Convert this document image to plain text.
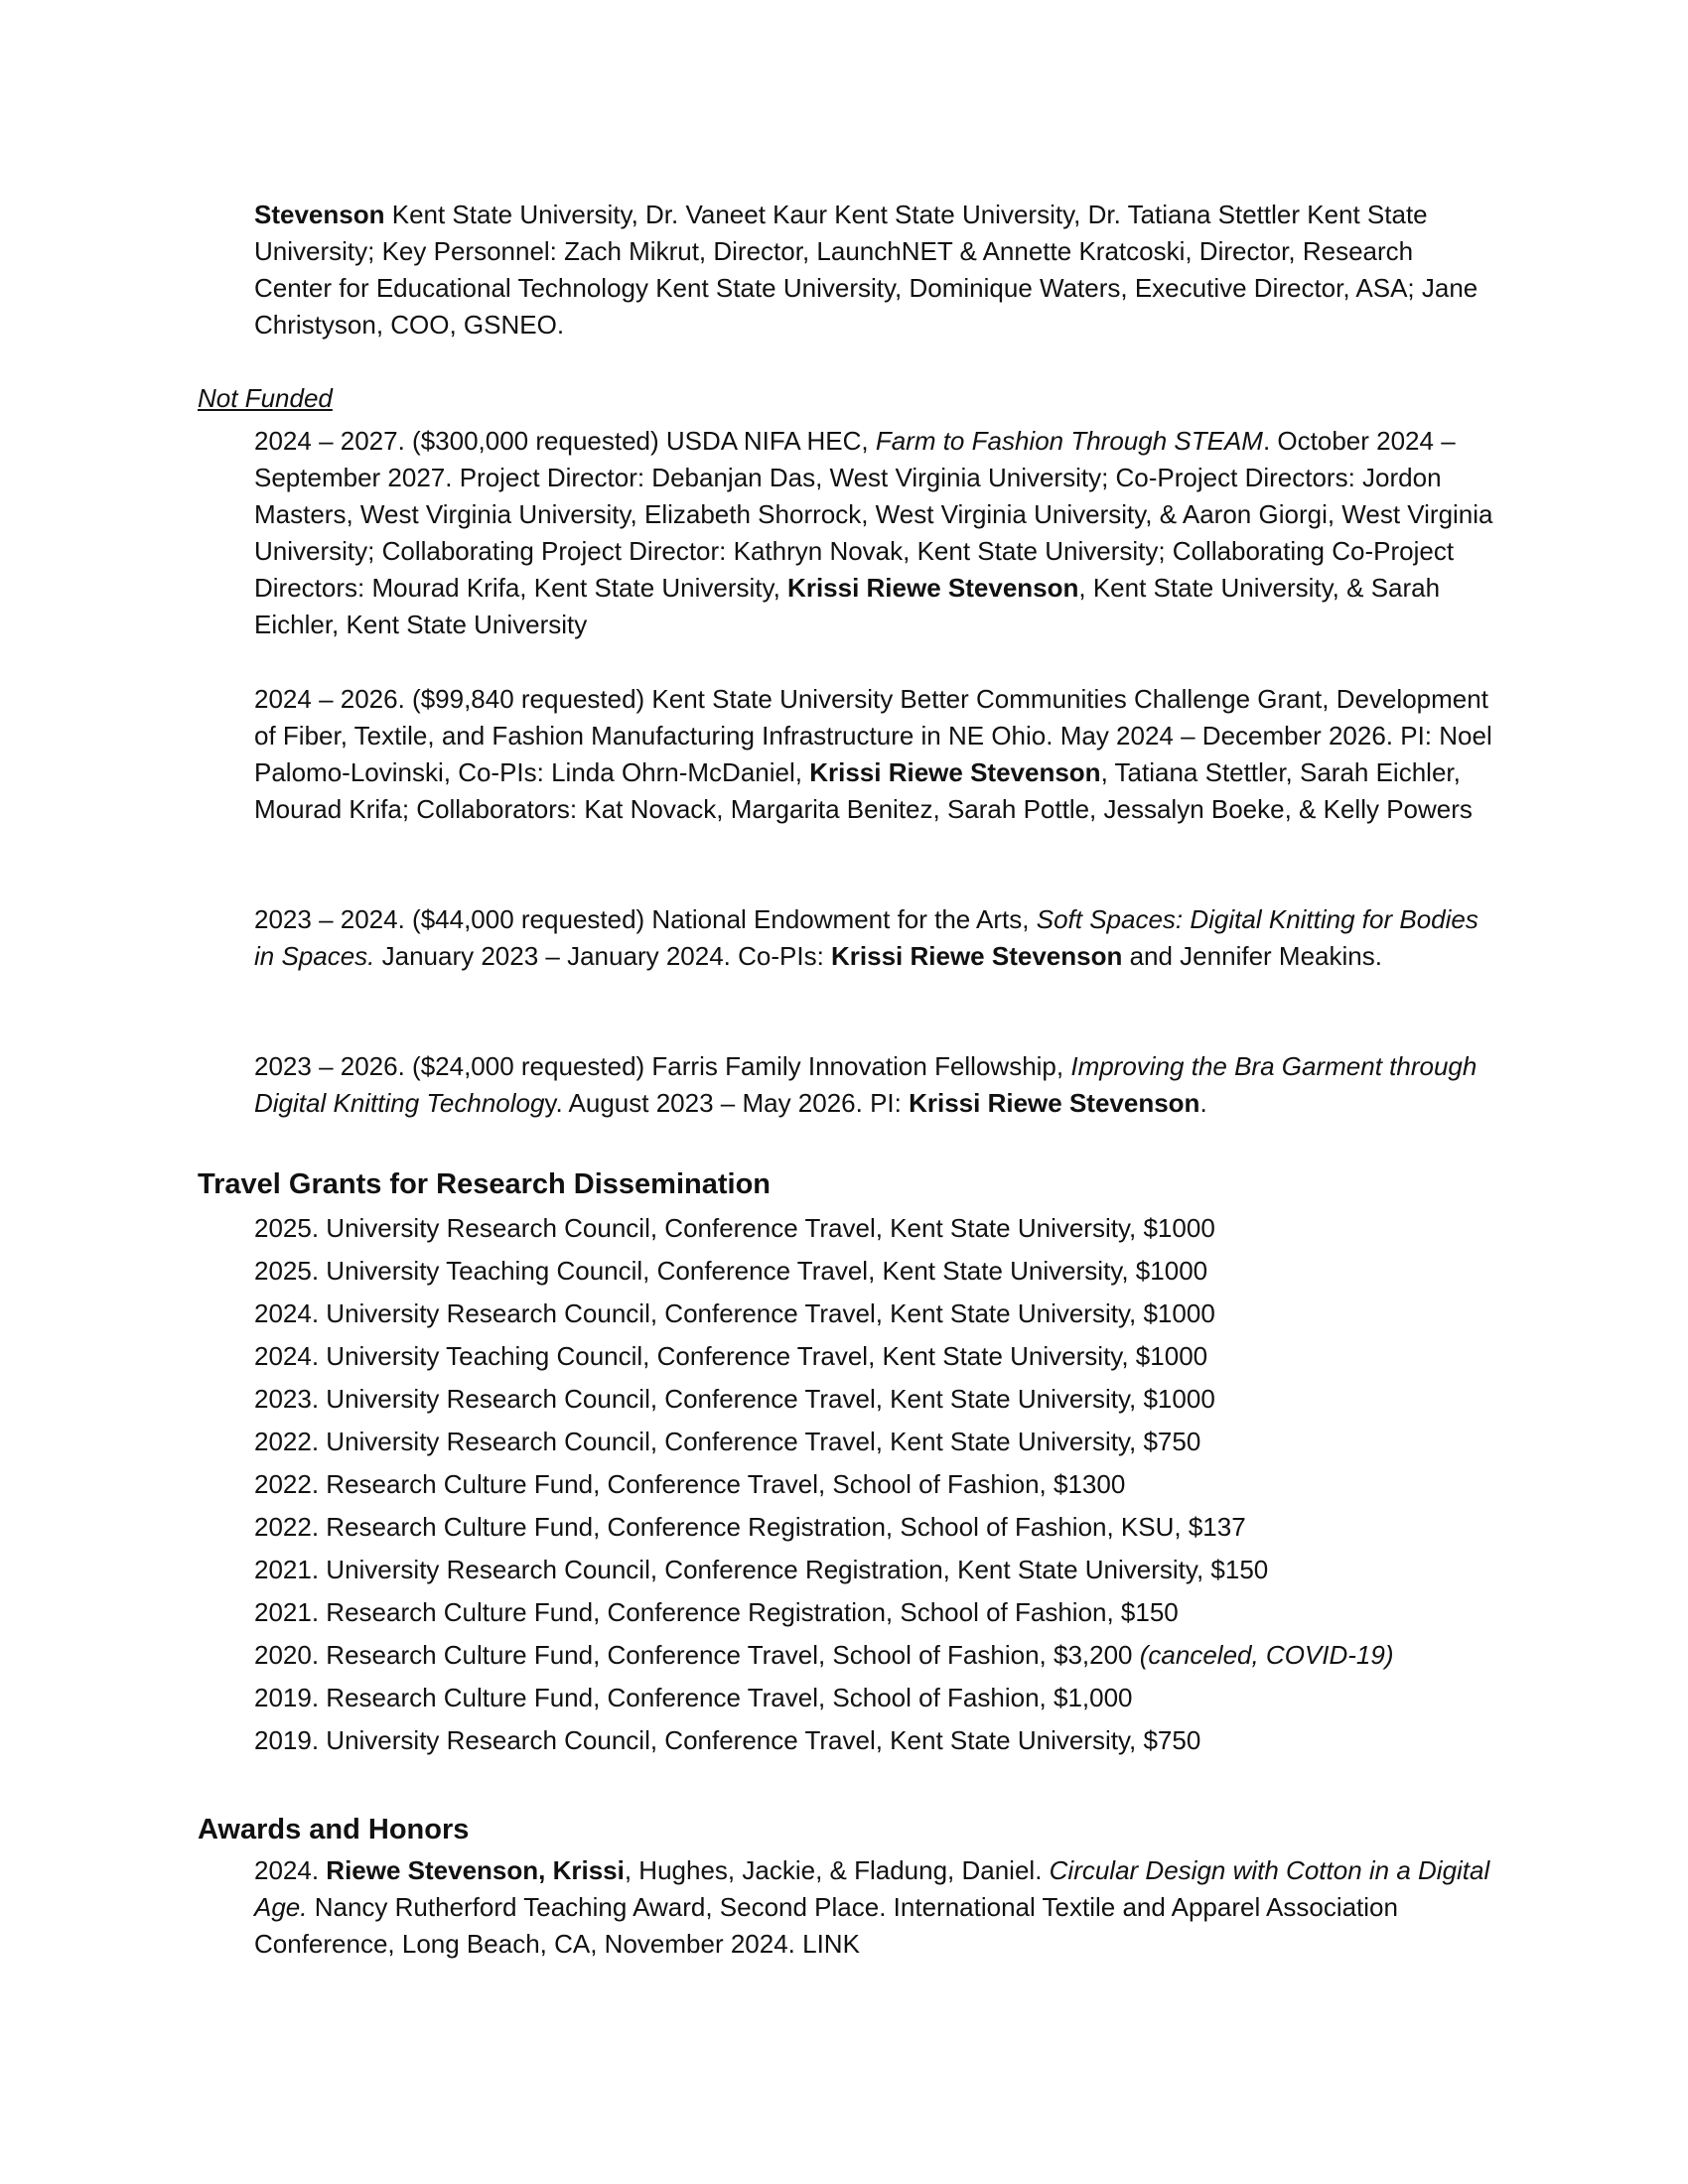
Stevenson Kent State University, Dr. Vaneet Kaur Kent State University, Dr. Tatiana Stettler Kent State University; Key Personnel: Zach Mikrut, Director, LaunchNET & Annette Kratcoski, Director, Research Center for Educational Technology Kent State University, Dominique Waters, Executive Director, ASA; Jane Christyson, COO, GSNEO.

Not Funded

2024 – 2027. ($300,000 requested) USDA NIFA HEC, Farm to Fashion Through STEAM. October 2024 – September 2027. Project Director: Debanjan Das, West Virginia University; Co-Project Directors: Jordon Masters, West Virginia University, Elizabeth Shorrock, West Virginia University, & Aaron Giorgi, West Virginia University; Collaborating Project Director: Kathryn Novak, Kent State University; Collaborating Co-Project Directors: Mourad Krifa, Kent State University, Krissi Riewe Stevenson, Kent State University, & Sarah Eichler, Kent State University

2024 – 2026. ($99,840 requested) Kent State University Better Communities Challenge Grant, Development of Fiber, Textile, and Fashion Manufacturing Infrastructure in NE Ohio. May 2024 – December 2026. PI: Noel Palomo-Lovinski, Co-PIs: Linda Ohrn-McDaniel, Krissi Riewe Stevenson, Tatiana Stettler, Sarah Eichler, Mourad Krifa; Collaborators: Kat Novack, Margarita Benitez, Sarah Pottle, Jessalyn Boeke, & Kelly Powers

2023 – 2024. ($44,000 requested) National Endowment for the Arts, Soft Spaces: Digital Knitting for Bodies in Spaces. January 2023 – January 2024. Co-PIs: Krissi Riewe Stevenson and Jennifer Meakins.

2023 – 2026. ($24,000 requested) Farris Family Innovation Fellowship, Improving the Bra Garment through Digital Knitting Technology. August 2023 – May 2026. PI: Krissi Riewe Stevenson.

Travel Grants for Research Dissemination
2025. University Research Council, Conference Travel, Kent State University, $1000
2025. University Teaching Council, Conference Travel, Kent State University, $1000
2024. University Research Council, Conference Travel, Kent State University, $1000
2024. University Teaching Council, Conference Travel, Kent State University, $1000
2023. University Research Council, Conference Travel, Kent State University, $1000
2022. University Research Council, Conference Travel, Kent State University, $750
2022. Research Culture Fund, Conference Travel, School of Fashion, $1300
2022. Research Culture Fund, Conference Registration, School of Fashion, KSU, $137
2021. University Research Council, Conference Registration, Kent State University, $150
2021. Research Culture Fund, Conference Registration, School of Fashion, $150
2020. Research Culture Fund, Conference Travel, School of Fashion, $3,200 (canceled, COVID-19)
2019. Research Culture Fund, Conference Travel, School of Fashion, $1,000
2019. University Research Council, Conference Travel, Kent State University, $750
Awards and Honors

2024. Riewe Stevenson, Krissi, Hughes, Jackie, & Fladung, Daniel. Circular Design with Cotton in a Digital Age. Nancy Rutherford Teaching Award, Second Place. International Textile and Apparel Association Conference, Long Beach, CA, November 2024. LINK
